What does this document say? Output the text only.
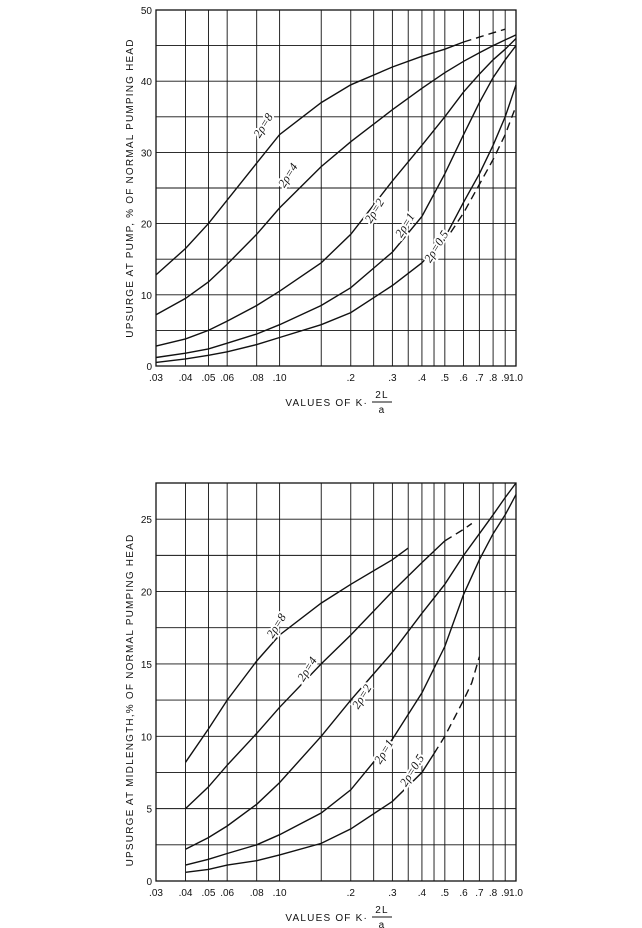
.03 .04 .05 .06 .08 .10	.2	.3 .4 .5 .6 .7 .8 .9 1.0
0
10
20
30
40
50
VALUES OF K·
2L
a
UPSURGE AT PUMP, % OF NORMAL PUMPING HEAD	2ρ=8
2ρ=4
2ρ=2 2ρ=1
2ρ=0.5
.03 .04 .05 .06 .08 .10	.2	.3 .4 .5 .6 .7 .8 .9 1.0
0
5
10
15
20
25
VALUES OF K·
2L
a
UPSURGE AT MIDLENGTH,% OF NORMAL PUMPING HEAD	2ρ=8
2ρ=4
2ρ=2
2ρ=1
2ρ=0.5
